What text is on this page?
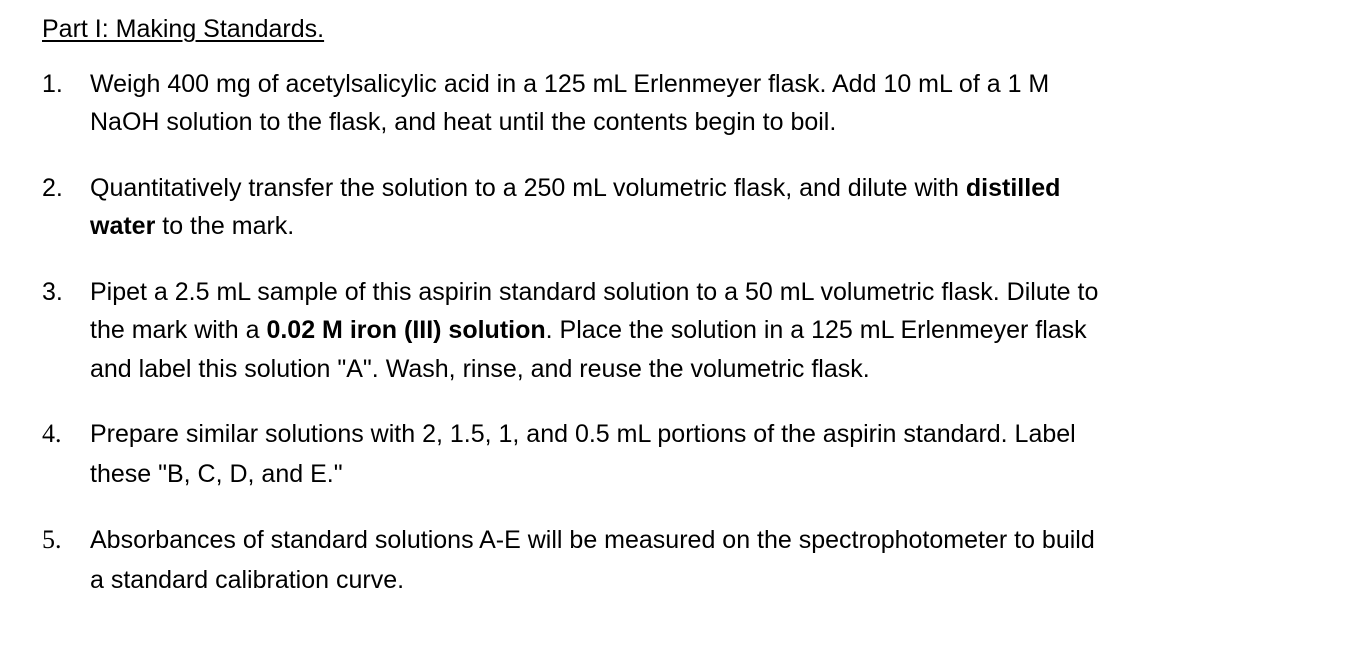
Part I: Making Standards.
1. Weigh 400 mg of acetylsalicylic acid in a 125 mL Erlenmeyer flask. Add 10 mL of a 1 M
NaOH solution to the flask, and heat until the contents begin to boil.
2. Quantitatively transfer the solution to a 250 mL volumetric flask, and dilute with distilled
water to the mark.
3. Pipet a 2.5 mL sample of this aspirin standard solution to a 50 mL volumetric flask. Dilute to
the mark with a 0.02 M iron (III) solution. Place the solution in a 125 mL Erlenmeyer flask
and label this solution "A". Wash, rinse, and reuse the volumetric flask.
4. Prepare similar solutions with 2, 1.5, 1, and 0.5 mL portions of the aspirin standard. Label
these "B, C, D, and E."
5. Absorbances of standard solutions A-E will be measured on the spectrophotometer to build
a standard calibration curve.
